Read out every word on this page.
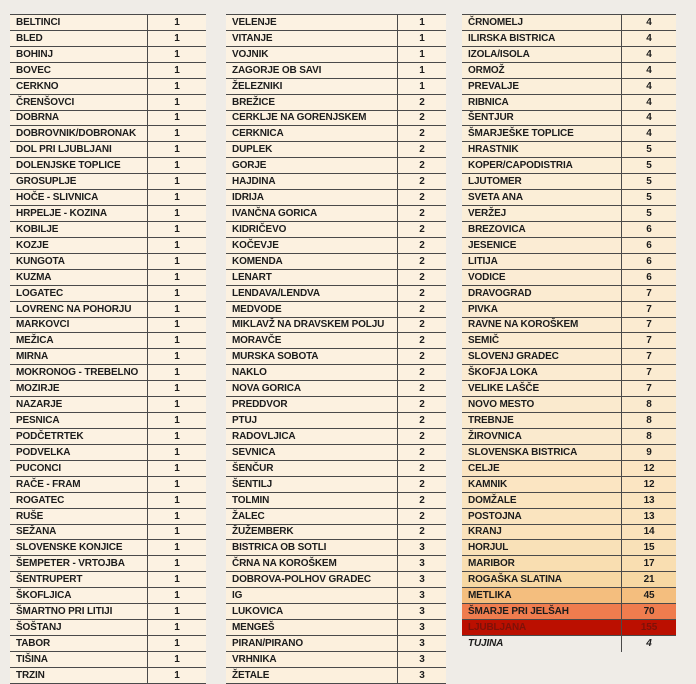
BELTINCI	1
BLED	1
BOHINJ	1
BOVEC	1
CERKNO	1
ČRENŠOVCI	1
DOBRNA	1
DOBROVNIK/DOBRONAK	1
DOL PRI LJUBLJANI	1
DOLENJSKE TOPLICE	1
GROSUPLJE	1
HOČE - SLIVNICA	1
HRPELJE - KOZINA	1
KOBILJE	1
KOZJE	1
KUNGOTA	1
KUZMA	1
LOGATEC	1
LOVRENC NA POHORJU	1
MARKOVCI	1
MEŽICA	1
MIRNA	1
MOKRONOG - TREBELNO	1
MOZIRJE	1
NAZARJE	1
PESNICA	1
PODČETRTEK	1
PODVELKA	1
PUCONCI	1
RAČE - FRAM	1
ROGATEC	1
RUŠE	1
SEŽANA	1
SLOVENSKE KONJICE	1
ŠEMPETER - VRTOJBA	1
ŠENTRUPERT	1
ŠKOFLJICA	1
ŠMARTNO PRI LITIJI	1
ŠOŠTANJ	1
TABOR	1
TIŠINA	1
TRZIN	1
VELENJE	1
VITANJE	1
VOJNIK	1
ZAGORJE OB SAVI	1
ŽELEZNIKI	1
BREŽICE	2
CERKLJE NA GORENJSKEM	2
CERKNICA	2
DUPLEK	2
GORJE	2
HAJDINA	2
IDRIJA	2
IVANČNA GORICA	2
KIDRIČEVO	2
KOČEVJE	2
KOMENDA	2
LENART	2
LENDAVA/LENDVA	2
MEDVODE	2
MIKLAVŽ NA DRAVSKEM POLJU	2
MORAVČE	2
MURSKA SOBOTA	2
NAKLO	2
NOVA GORICA	2
PREDDVOR	2
PTUJ	2
RADOVLJICA	2
SEVNICA	2
ŠENČUR	2
ŠENTILJ	2
TOLMIN	2
ŽALEC	2
ŽUŽEMBERK	2
BISTRICA OB SOTLI	3
ČRNA NA KOROŠKEM	3
DOBROVA-POLHOV GRADEC	3
IG	3
LUKOVICA	3
MENGEŠ	3
PIRAN/PIRANO	3
VRHNIKA	3
ŽETALE	3
ČRNOMELJ	4
ILIRSKA BISTRICA	4
IZOLA/ISOLA	4
ORMOŽ	4
PREVALJE	4
RIBNICA	4
ŠENTJUR	4
ŠMARJEŠKE TOPLICE	4
HRASTNIK	5
KOPER/CAPODISTRIA	5
LJUTOMER	5
SVETA ANA	5
VERŽEJ	5
BREZOVICA	6
JESENICE	6
LITIJA	6
VODICE	6
DRAVOGRAD	7
PIVKA	7
RAVNE NA KOROŠKEM	7
SEMIČ	7
SLOVENJ GRADEC	7
ŠKOFJA LOKA	7
VELIKE LAŠČE	7
NOVO MESTO	8
TREBNJE	8
ŽIROVNICA	8
SLOVENSKA BISTRICA	9
CELJE	12
KAMNIK	12
DOMŽALE	13
POSTOJNA	13
KRANJ	14
HORJUL	15
MARIBOR	17
ROGAŠKA SLATINA	21
METLIKA	45
ŠMARJE PRI JELŠAH	70
LJUBLJANA	155
TUJINA	4
